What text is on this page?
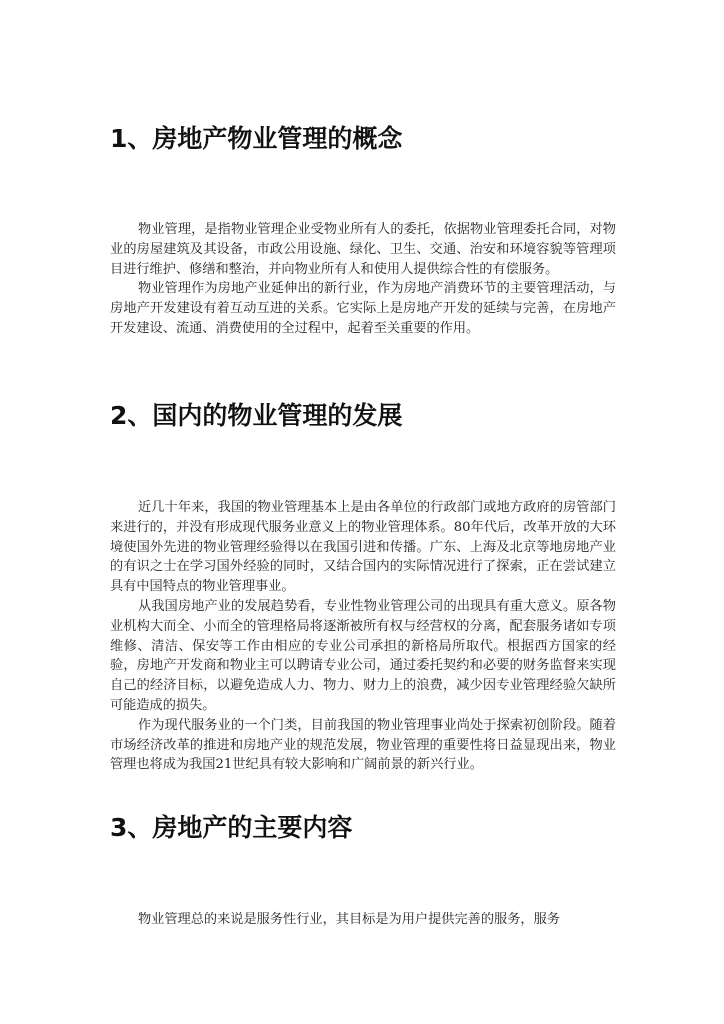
1、房地产物业管理的概念

物业管理，是指物业管理企业受物业所有人的委托，依据物业管理委托合同，对物业的房屋建筑及其设备，市政公用设施、绿化、卫生、交通、治安和环境容貌等管理项目进行维护、修缮和整治，并向物业所有人和使用人提供综合性的有偿服务。

物业管理作为房地产业延伸出的新行业，作为房地产消费环节的主要管理活动，与房地产开发建设有着互动互进的关系。它实际上是房地产开发的延续与完善，在房地产开发建设、流通、消费使用的全过程中，起着至关重要的作用。

2、国内的物业管理的发展

近几十年来，我国的物业管理基本上是由各单位的行政部门或地方政府的房管部门来进行的，并没有形成现代服务业意义上的物业管理体系。80年代后，改革开放的大环境使国外先进的物业管理经验得以在我国引进和传播。广东、上海及北京等地房地产业的有识之士在学习国外经验的同时，又结合国内的实际情况进行了探索，正在尝试建立具有中国特点的物业管理事业。

从我国房地产业的发展趋势看，专业性物业管理公司的出现具有重大意义。原各物业机构大而全、小而全的管理格局将逐渐被所有权与经营权的分离，配套服务诸如专项维修、清洁、保安等工作由相应的专业公司承担的新格局所取代。根据西方国家的经验，房地产开发商和物业主可以聘请专业公司，通过委托契约和必要的财务监督来实现自己的经济目标，以避免造成人力、物力、财力上的浪费，减少因专业管理经验欠缺所可能造成的损失。

作为现代服务业的一个门类，目前我国的物业管理事业尚处于探索初创阶段。随着市场经济改革的推进和房地产业的规范发展，物业管理的重要性将日益显现出来，物业管理也将成为我国21世纪具有较大影响和广阔前景的新兴行业。

3、房地产的主要内容

物业管理总的来说是服务性行业，其目标是为用户提供完善的服务，服务
